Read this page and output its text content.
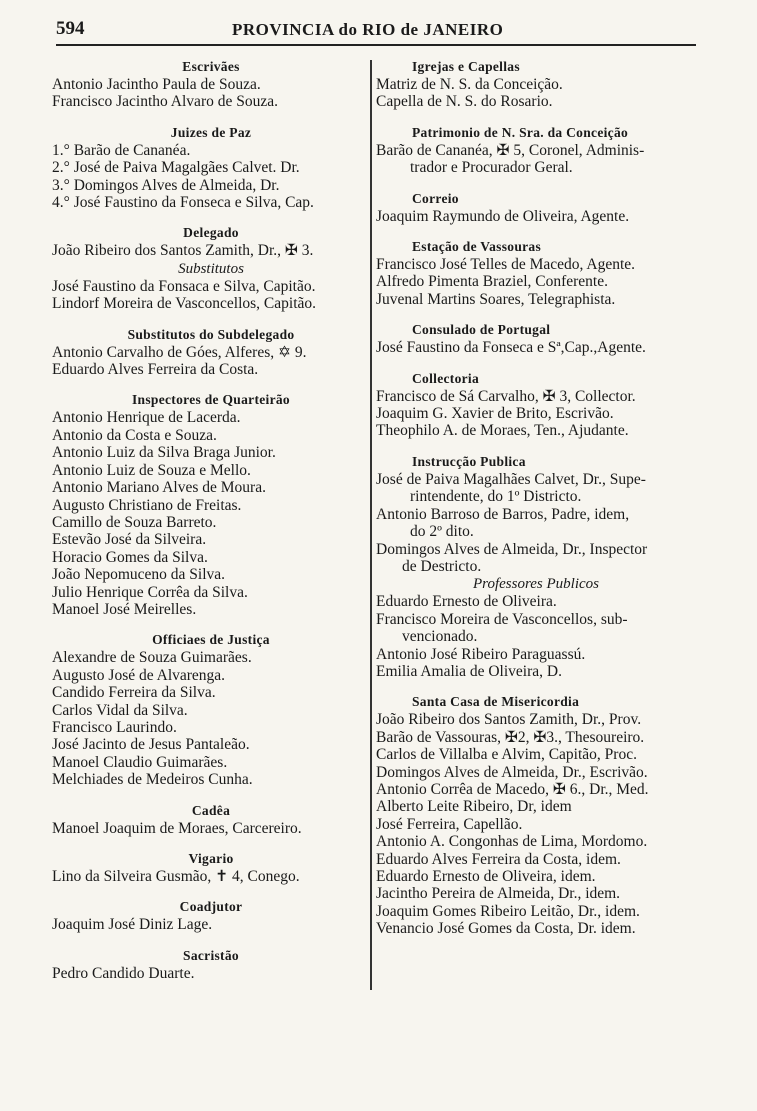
594	PROVINCIA do RIO de JANEIRO
Escrivães
Antonio Jacintho Paula de Souza.
Francisco Jacintho Alvaro de Souza.
Juizes de Paz
1.° Barão de Cananéa.
2.° José de Paiva Magalgães Calvet. Dr.
3.° Domingos Alves de Almeida, Dr.
4.° José Faustino da Fonseca e Silva, Cap.
Delegado
João Ribeiro dos Santos Zamith, Dr., ✠ 3.
Substitutos
José Faustino da Fonsaca e Silva, Capitão.
Lindorf Moreira de Vasconcellos, Capitão.
Substitutos do Subdelegado
Antonio Carvalho de Góes, Alferes, ✡ 9.
Eduardo Alves Ferreira da Costa.
Inspectores de Quarteirão
Antonio Henrique de Lacerda.
Antonio da Costa e Souza.
Antonio Luiz da Silva Braga Junior.
Antonio Luiz de Souza e Mello.
Antonio Mariano Alves de Moura.
Augusto Christiano de Freitas.
Camillo de Souza Barreto.
Estevão José da Silveira.
Horacio Gomes da Silva.
João Nepomuceno da Silva.
Julio Henrique Corrêa da Silva.
Manoel José Meirelles.
Officiaes de Justiça
Alexandre de Souza Guimarães.
Augusto José de Alvarenga.
Candido Ferreira da Silva.
Carlos Vidal da Silva.
Francisco Laurindo.
José Jacinto de Jesus Pantaleão.
Manoel Claudio Guimarães.
Melchiades de Medeiros Cunha.
Cadêa
Manoel Joaquim de Moraes, Carcereiro.
Vigario
Lino da Silveira Gusmão, ✝ 4, Conego.
Coadjutor
Joaquim José Diniz Lage.
Sacristão
Pedro Candido Duarte.
Igrejas e Capellas
Matriz de N. S. da Conceição.
Capella de N. S. do Rosario.
Patrimonio de N. Sra. da Conceição
Barão de Cananéa, ✠ 5, Coronel, Adminis-
trador e Procurador Geral.
Correio
Joaquim Raymundo de Oliveira, Agente.
Estação de Vassouras
Francisco José Telles de Macedo, Agente.
Alfredo Pimenta Braziel, Conferente.
Juvenal Martins Soares, Telegraphista.
Consulado de Portugal
José Faustino da Fonseca e Sª,Cap.,Agente.
Collectoria
Francisco de Sá Carvalho, ✠ 3, Collector.
Joaquim G. Xavier de Brito, Escrivão.
Theophilo A. de Moraes, Ten., Ajudante.
Instrucção Publica
José de Paiva Magalhães Calvet, Dr., Supe-
rintendente, do 1º Districto.
Antonio Barroso de Barros, Padre, idem,
do 2º dito.
Domingos Alves de Almeida, Dr., Inspector
de Destricto.
Professores Publicos
Eduardo Ernesto de Oliveira.
Francisco Moreira de Vasconcellos, sub-
vencionado.
Antonio José Ribeiro Paraguassú.
Emilia Amalia de Oliveira, D.
Santa Casa de Misericordia
João Ribeiro dos Santos Zamith, Dr., Prov.
Barão de Vassouras, ✠2, ✠3., Thesoureiro.
Carlos de Villalba e Alvim, Capitão, Proc.
Domingos Alves de Almeida, Dr., Escrivão.
Antonio Corrêa de Macedo, ✠ 6., Dr., Med.
Alberto Leite Ribeiro, Dr, idem
José Ferreira, Capellão.
Antonio A. Congonhas de Lima, Mordomo.
Eduardo Alves Ferreira da Costa, idem.
Eduardo Ernesto de Oliveira, idem.
Jacintho Pereira de Almeida, Dr., idem.
Joaquim Gomes Ribeiro Leitão, Dr., idem.
Venancio José Gomes da Costa, Dr. idem.
